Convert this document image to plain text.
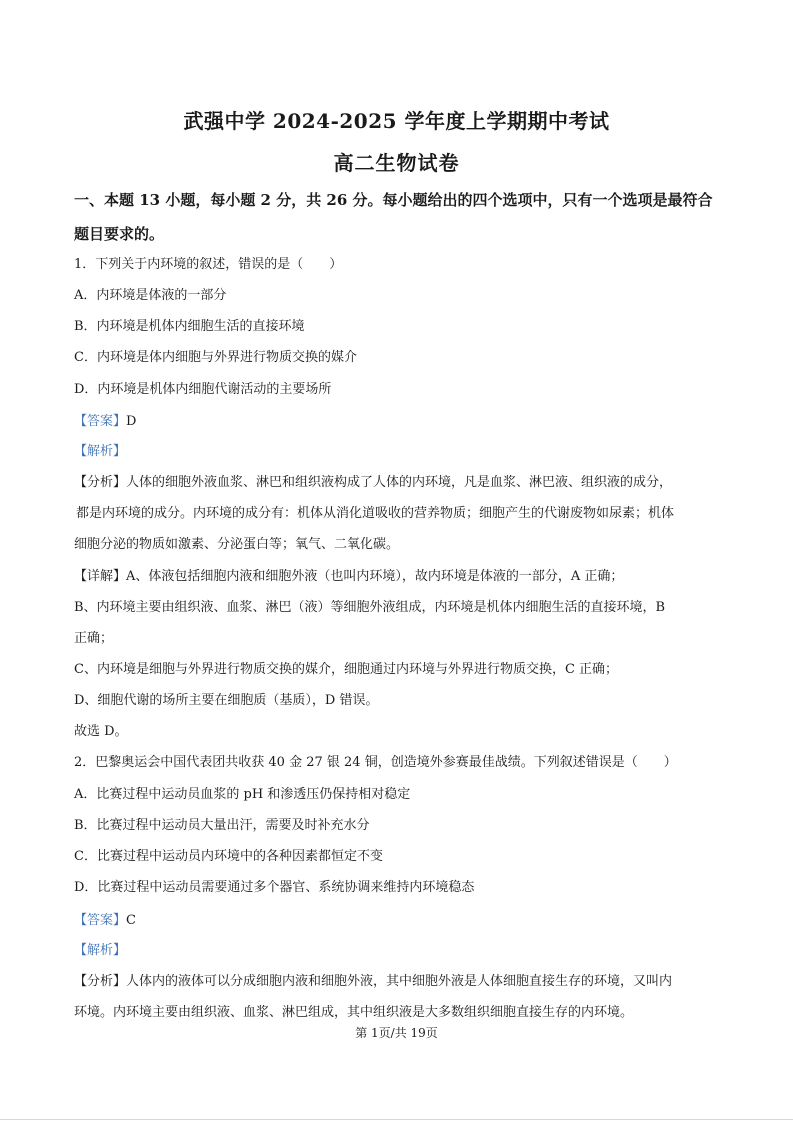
武强中学 2024-2025 学年度上学期期中考试
高二生物试卷
一、本题 13 小题，每小题 2 分，共 26 分。每小题给出的四个选项中，只有一个选项是最符合
题目要求的。
1．下列关于内环境的叙述，错误的是（　　）
A．内环境是体液的一部分
B．内环境是机体内细胞生活的直接环境
C．内环境是体内细胞与外界进行物质交换的媒介
D．内环境是机体内细胞代谢活动的主要场所
【答案】D
【解析】
【分析】人体的细胞外液血浆、淋巴和组织液构成了人体的内环境，凡是血浆、淋巴液、组织液的成分，
都是内环境的成分。内环境的成分有：机体从消化道吸收的营养物质；细胞产生的代谢废物如尿素；机体
细胞分泌的物质如激素、分泌蛋白等；氧气、二氧化碳。
【详解】A、体液包括细胞内液和细胞外液（也叫内环境），故内环境是体液的一部分，A 正确；
B、内环境主要由组织液、血浆、淋巴（液）等细胞外液组成，内环境是机体内细胞生活的直接环境，B
正确；
C、内环境是细胞与外界进行物质交换的媒介，细胞通过内环境与外界进行物质交换，C 正确；
D、细胞代谢的场所主要在细胞质（基质），D 错误。
故选 D。
2．巴黎奥运会中国代表团共收获 40 金 27 银 24 铜，创造境外参赛最佳战绩。下列叙述错误是（　　）
A．比赛过程中运动员血浆的 pH 和渗透压仍保持相对稳定
B．比赛过程中运动员大量出汗，需要及时补充水分
C．比赛过程中运动员内环境中的各种因素都恒定不变
D．比赛过程中运动员需要通过多个器官、系统协调来维持内环境稳态
【答案】C
【解析】
【分析】人体内的液体可以分成细胞内液和细胞外液，其中细胞外液是人体细胞直接生存的环境，又叫内
环境。内环境主要由组织液、血浆、淋巴组成，其中组织液是大多数组织细胞直接生存的内环境。
第 1页/共 19页
